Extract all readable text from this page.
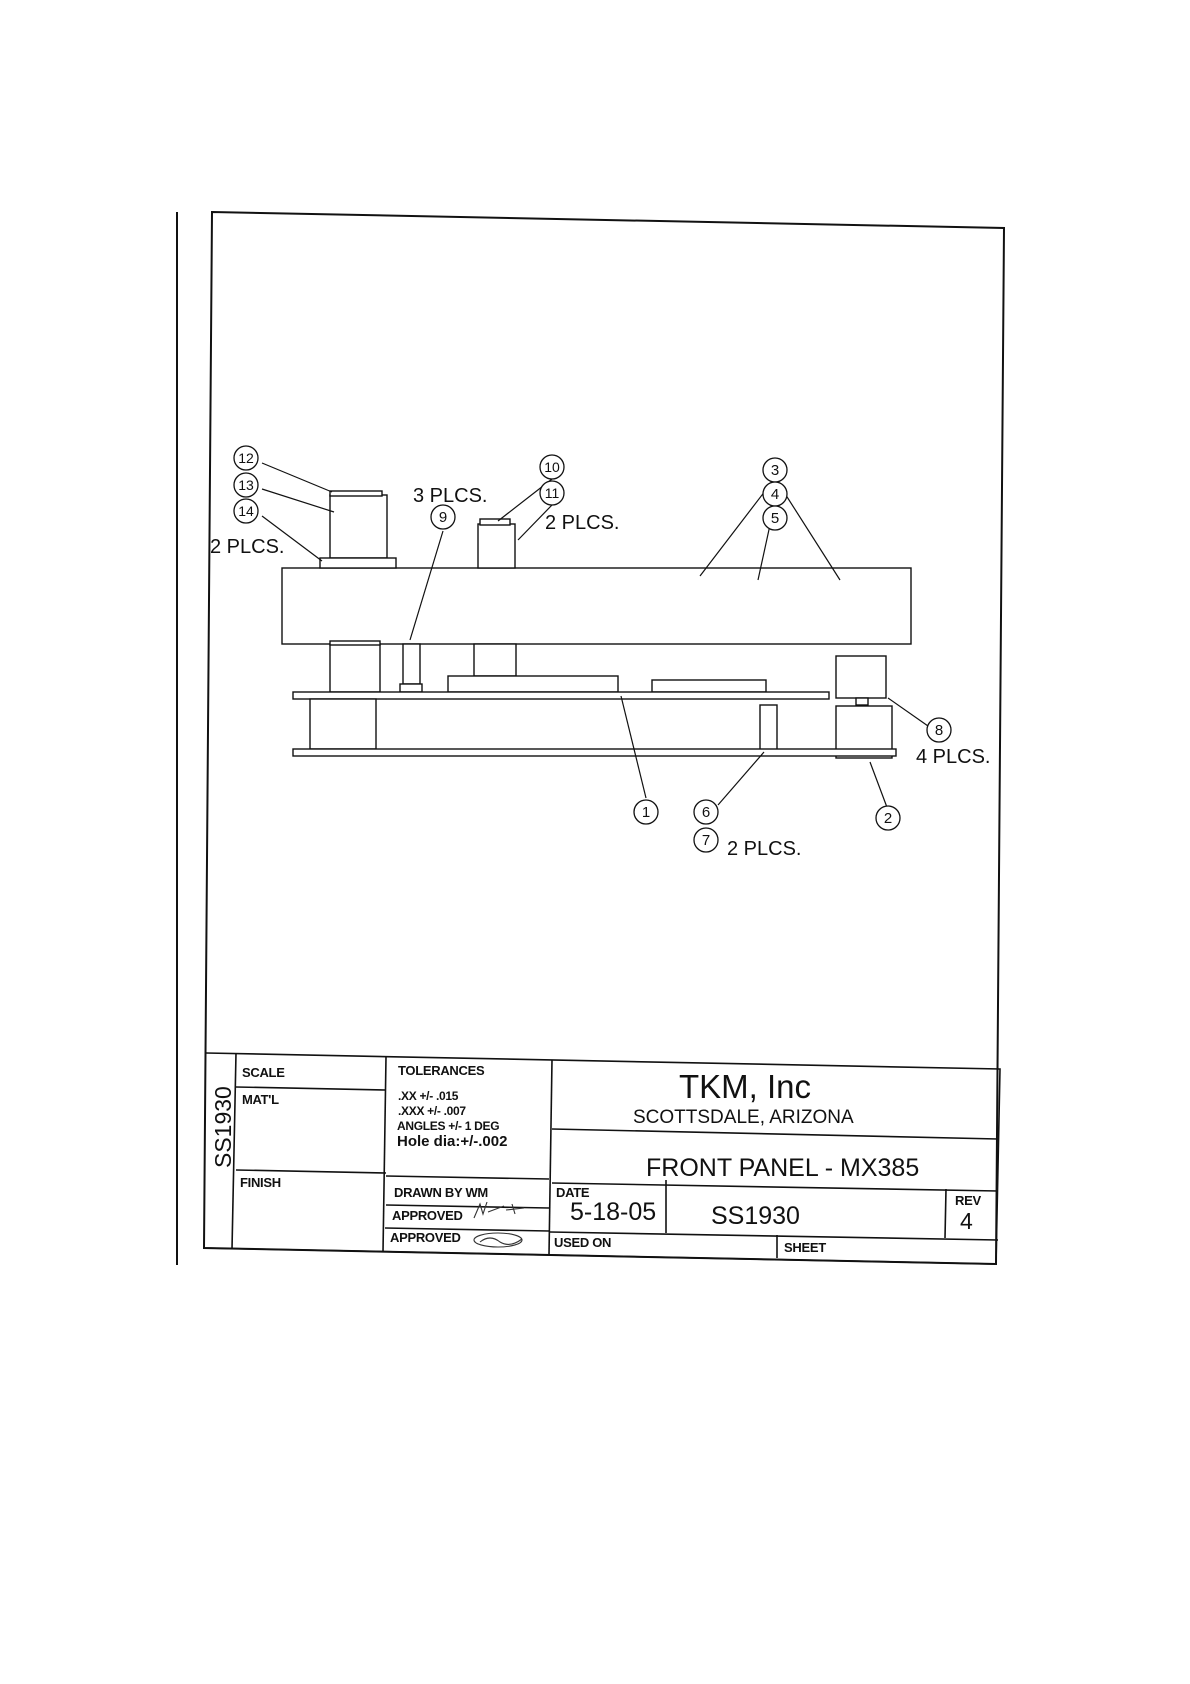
1	2
3
4
5
6
7
8
9
10
11
12
13
14
2 PLCS.
3 PLCS.
2 PLCS.
4 PLCS.
2 PLCS.
SS1930
SCALE
MAT'L
FINISH
TOLERANCES
.XX +/- .015
.XXX +/- .007
ANGLES +/- 1 DEG
Hole dia:+/-.002
DRAWN BY WM
APPROVED
APPROVED
TKM, Inc
SCOTTSDALE, ARIZONA
FRONT PANEL - MX385
DATE
5-18-05 SS1930
REV
4
USED ON	SHEET
